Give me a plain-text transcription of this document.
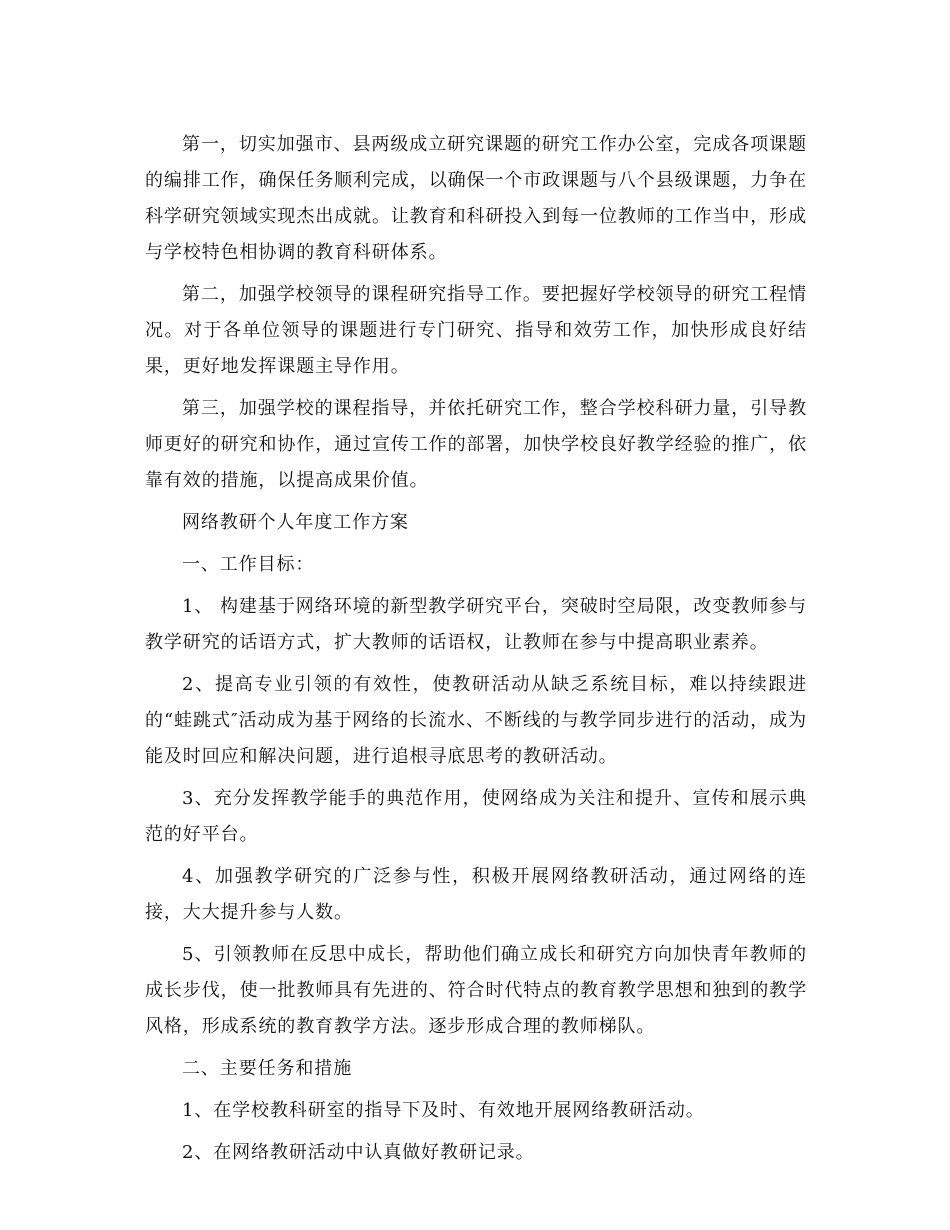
第一，切实加强市、县两级成立研究课题的研究工作办公室，完成各项课题的编排工作，确保任务顺利完成，以确保一个市政课题与八个县级课题，力争在科学研究领域实现杰出成就。让教育和科研投入到每一位教师的工作当中，形成与学校特色相协调的教育科研体系。

第二，加强学校领导的课程研究指导工作。要把握好学校领导的研究工程情况。对于各单位领导的课题进行专门研究、指导和效劳工作，加快形成良好结果，更好地发挥课题主导作用。

第三，加强学校的课程指导，并依托研究工作，整合学校科研力量，引导教师更好的研究和协作，通过宣传工作的部署，加快学校良好教学经验的推广，依靠有效的措施，以提高成果价值。

网络教研个人年度工作方案

一、工作目标：

1、 构建基于网络环境的新型教学研究平台，突破时空局限，改变教师参与教学研究的话语方式，扩大教师的话语权，让教师在参与中提高职业素养。

2、提高专业引领的有效性，使教研活动从缺乏系统目标，难以持续跟进的“蛙跳式″活动成为基于网络的长流水、不断线的与教学同步进行的活动，成为能及时回应和解决问题，进行追根寻底思考的教研活动。

3、充分发挥教学能手的典范作用，使网络成为关注和提升、宣传和展示典范的好平台。

4、加强教学研究的广泛参与性，积极开展网络教研活动，通过网络的连接，大大提升参与人数。

5、引领教师在反思中成长，帮助他们确立成长和研究方向加快青年教师的成长步伐，使一批教师具有先进的、符合时代特点的教育教学思想和独到的教学风格，形成系统的教育教学方法。逐步形成合理的教师梯队。

二、主要任务和措施

1、在学校教科研室的指导下及时、有效地开展网络教研活动。

2、在网络教研活动中认真做好教研记录。
